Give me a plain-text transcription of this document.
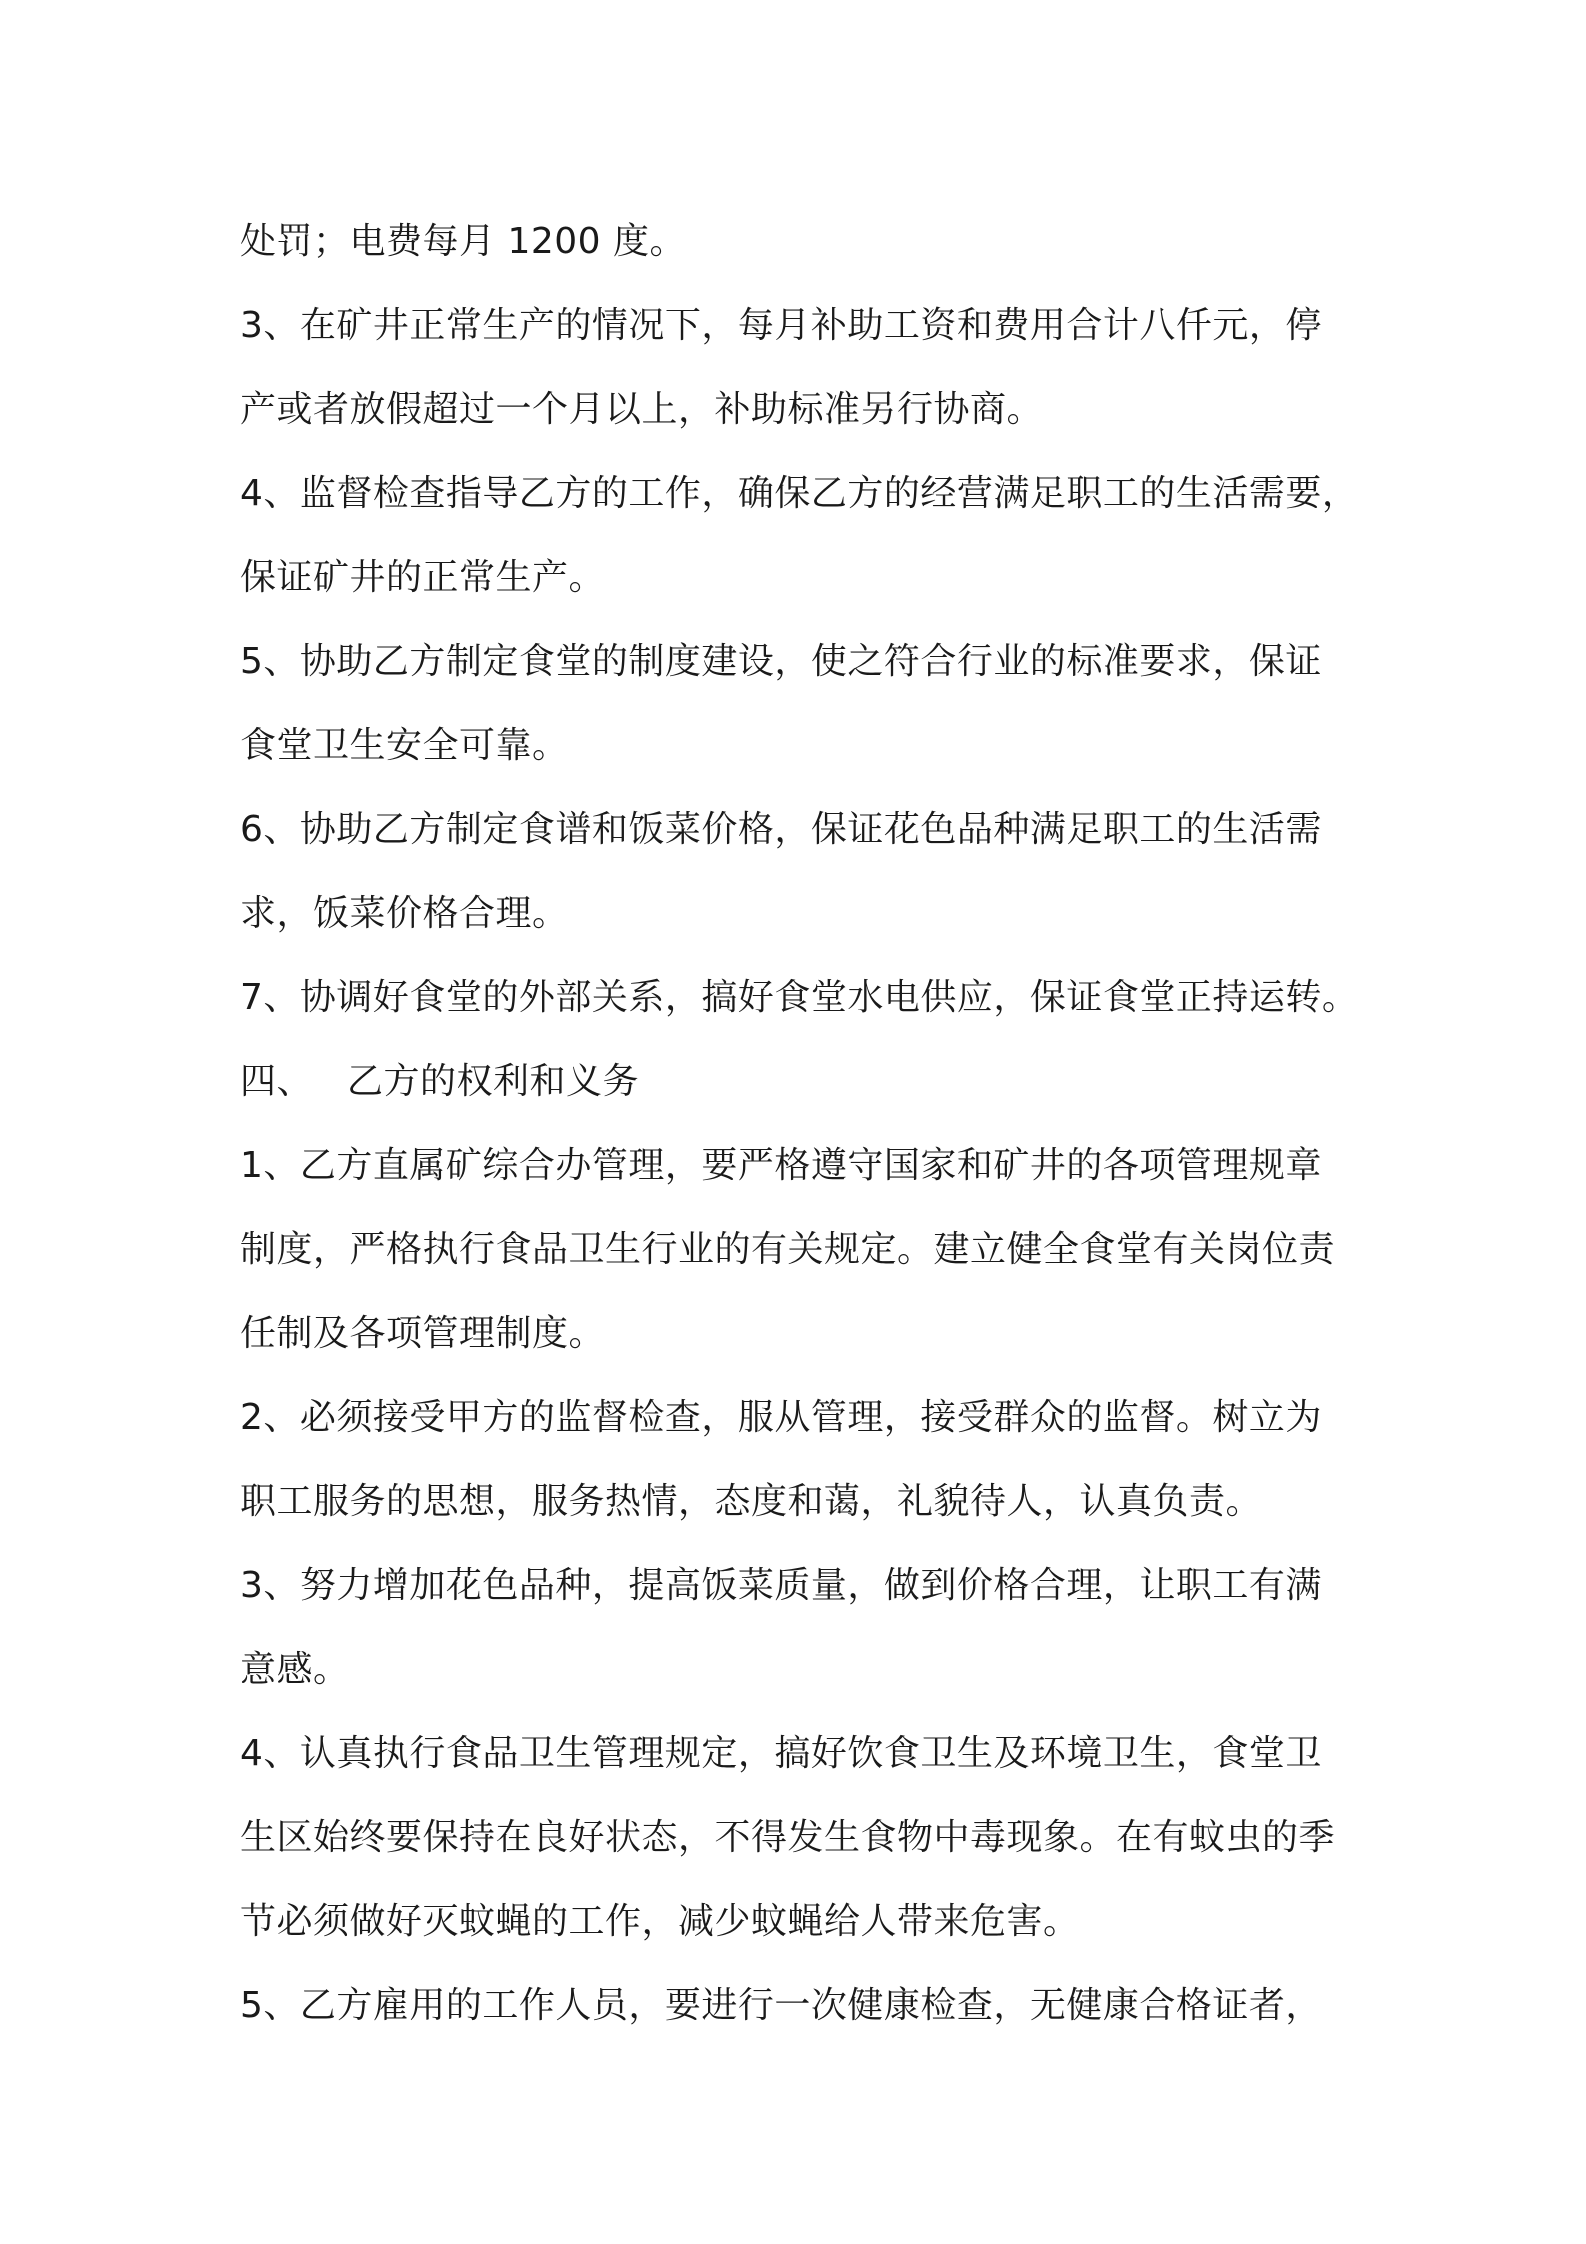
处罚；电费每月 1200 度。
3、在矿井正常生产的情况下，每月补助工资和费用合计八仟元，停
产或者放假超过一个月以上，补助标准另行协商。
4、监督检查指导乙方的工作，确保乙方的经营满足职工的生活需要，
保证矿井的正常生产。
5、协助乙方制定食堂的制度建设，使之符合行业的标准要求，保证
食堂卫生安全可靠。
6、协助乙方制定食谱和饭菜价格，保证花色品种满足职工的生活需
求，饭菜价格合理。
7、协调好食堂的外部关系，搞好食堂水电供应，保证食堂正持运转。
四、 乙方的权利和义务
1、乙方直属矿综合办管理，要严格遵守国家和矿井的各项管理规章
制度，严格执行食品卫生行业的有关规定。建立健全食堂有关岗位责
任制及各项管理制度。
2、必须接受甲方的监督检查，服从管理，接受群众的监督。树立为
职工服务的思想，服务热情，态度和蔼，礼貌待人，认真负责。
3、努力增加花色品种，提高饭菜质量，做到价格合理，让职工有满
意感。
4、认真执行食品卫生管理规定，搞好饮食卫生及环境卫生，食堂卫
生区始终要保持在良好状态，不得发生食物中毒现象。在有蚊虫的季
节必须做好灭蚊蝇的工作，减少蚊蝇给人带来危害。
5、乙方雇用的工作人员，要进行一次健康检查，无健康合格证者，
